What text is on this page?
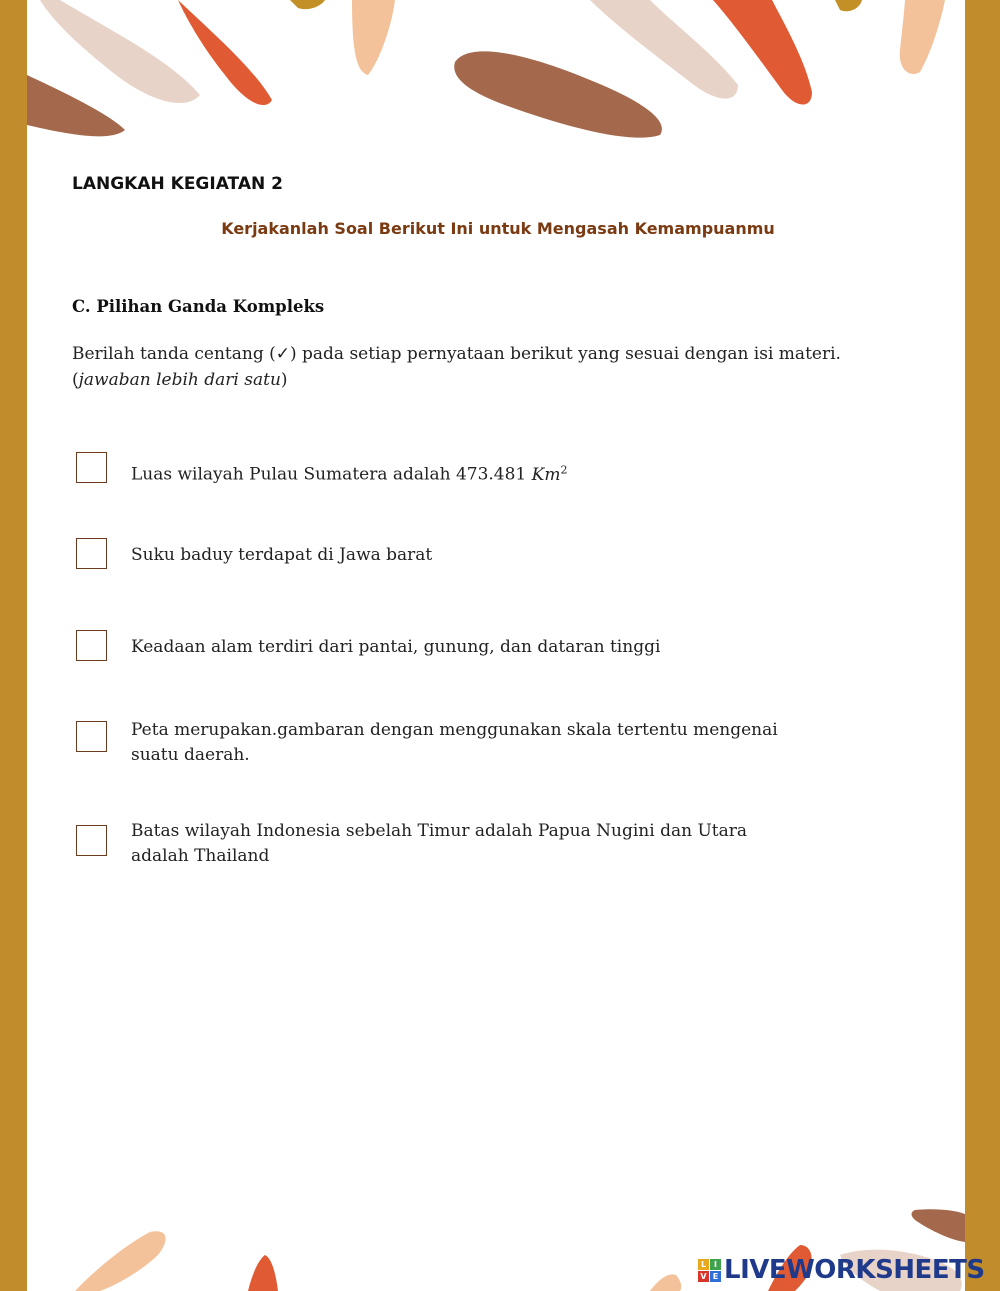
LANGKAH KEGIATAN 2
Kerjakanlah Soal Berikut Ini untuk Mengasah Kemampuanmu
C. Pilihan Ganda Kompleks
Berilah tanda centang (✓) pada setiap pernyataan berikut yang sesuai dengan isi materi.
(jawaban lebih dari satu)
Luas wilayah Pulau Sumatera adalah 473.481 Km$^2$
Suku baduy terdapat di Jawa barat
Keadaan alam terdiri dari pantai, gunung, dan dataran tinggi
Peta merupakan.gambaran dengan menggunakan skala tertentu mengenai
suatu daerah.
Batas wilayah Indonesia sebelah Timur adalah Papua Nugini dan Utara
adalah Thailand
L I
V E LIVEWORKSHEETS
